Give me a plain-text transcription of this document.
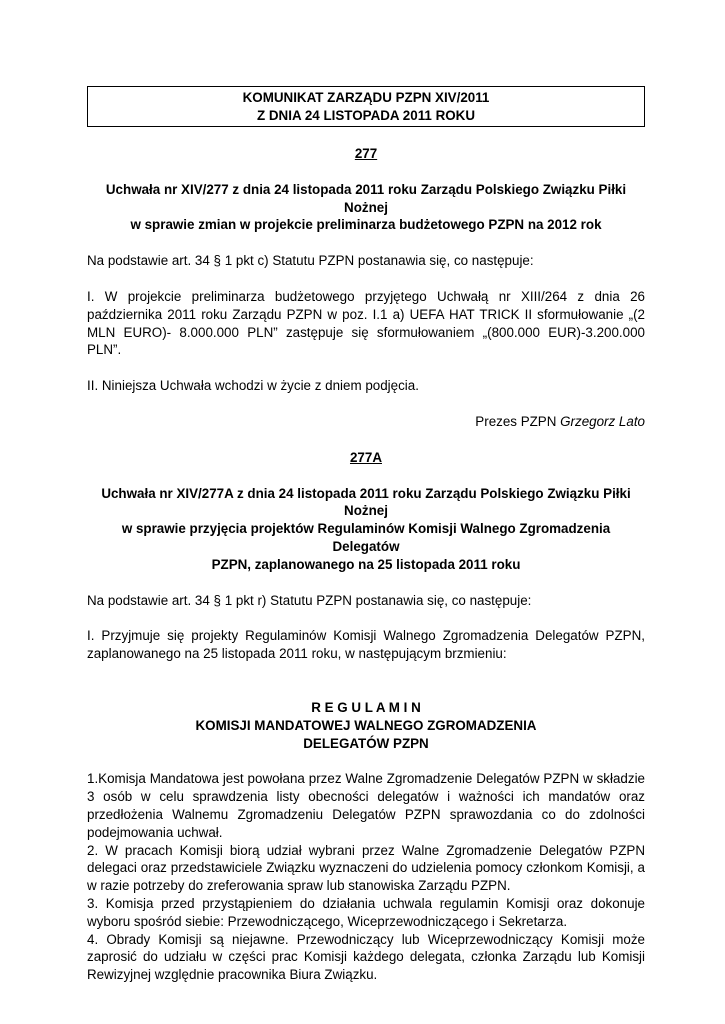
KOMUNIKAT ZARZĄDU PZPN XIV/2011
Z DNIA 24 LISTOPADA 2011 ROKU

277

Uchwała nr XIV/277 z dnia 24 listopada 2011 roku Zarządu Polskiego Związku Piłki Nożnej

w sprawie zmian w projekcie preliminarza budżetowego PZPN na 2012 rok

Na podstawie art. 34 § 1 pkt c) Statutu PZPN postanawia się, co następuje:

I. W projekcie preliminarza budżetowego przyjętego Uchwałą nr XIII/264 z dnia 26 października 2011 roku Zarządu PZPN w poz. I.1 a) UEFA HAT TRICK II sformułowanie „(2 MLN EURO)- 8.000.000 PLN” zastępuje się sformułowaniem „(800.000 EUR)-3.200.000 PLN”.

II. Niniejsza Uchwała wchodzi w życie z dniem podjęcia.

Prezes PZPN Grzegorz Lato

277A

Uchwała nr XIV/277A z dnia 24 listopada 2011 roku Zarządu Polskiego Związku Piłki Nożnej

w sprawie przyjęcia projektów Regulaminów Komisji Walnego Zgromadzenia Delegatów

PZPN, zaplanowanego na 25 listopada 2011 roku

Na podstawie art. 34 § 1 pkt r) Statutu PZPN postanawia się, co następuje:

I. Przyjmuje się projekty Regulaminów Komisji Walnego Zgromadzenia Delegatów PZPN, zaplanowanego na 25 listopada 2011 roku, w następującym brzmieniu:

R E G U L A M I N

KOMISJI MANDATOWEJ WALNEGO ZGROMADZENIA

DELEGATÓW PZPN

1.Komisja Mandatowa jest powołana przez Walne Zgromadzenie Delegatów PZPN w składzie 3 osób w celu sprawdzenia listy obecności delegatów i ważności ich mandatów oraz przedłożenia Walnemu Zgromadzeniu Delegatów PZPN sprawozdania co do zdolności podejmowania uchwał.

2. W pracach Komisji biorą udział wybrani przez Walne Zgromadzenie Delegatów PZPN delegaci oraz przedstawiciele Związku wyznaczeni do udzielenia pomocy członkom Komisji, a w razie potrzeby do zreferowania spraw lub stanowiska Zarządu PZPN.

3. Komisja przed przystąpieniem do działania uchwala regulamin Komisji oraz dokonuje wyboru spośród siebie: Przewodniczącego, Wiceprzewodniczącego i Sekretarza.

4. Obrady Komisji są niejawne. Przewodniczący lub Wiceprzewodniczący Komisji może zaprosić do udziału w części prac Komisji każdego delegata, członka Zarządu lub Komisji Rewizyjnej względnie pracownika Biura Związku.
